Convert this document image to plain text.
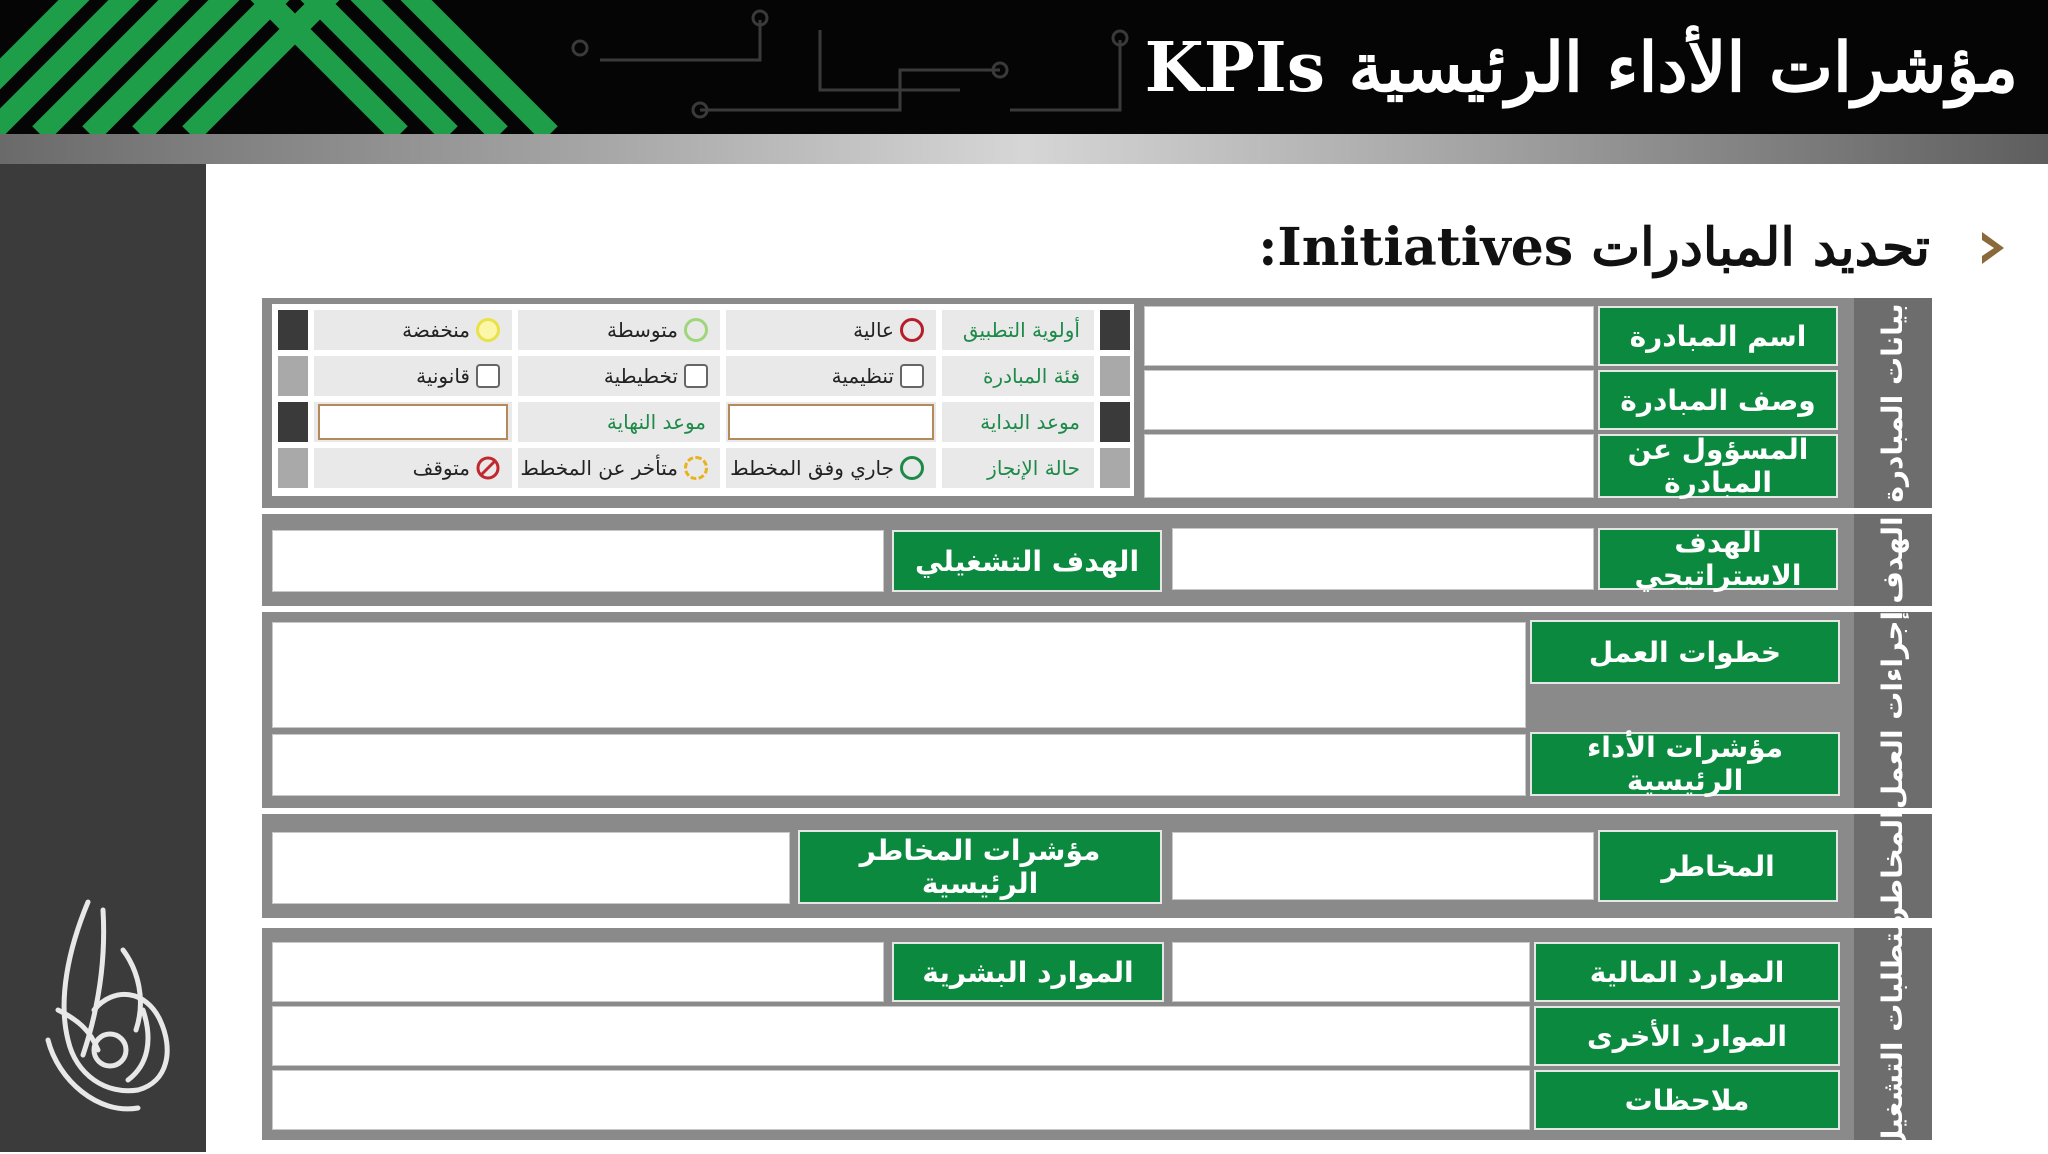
مؤشرات الأداء الرئيسية KPIs
تحديد المبادرات Initiatives:
بيانات المبادرة
اسم المبادرة
وصف المبادرة
المسؤول عن المبادرة
أولوية التطبيق
عالية
متوسطة
منخفضة
فئة المبادرة
تنظيمية
تخطيطية
قانونية
موعد البداية
موعد النهاية
حالة الإنجاز
جاري وفق المخطط
متأخر عن المخطط
متوقف
الهدف
الهدف الاستراتيجي
الهدف التشغيلي
إجراءات العمل
خطوات العمل
مؤشرات الأداء الرئيسية
المخاطر
المخاطر
مؤشرات المخاطر الرئيسية
متطلبات التشغيل
الموارد المالية
الموارد البشرية
الموارد الأخرى
ملاحظات
